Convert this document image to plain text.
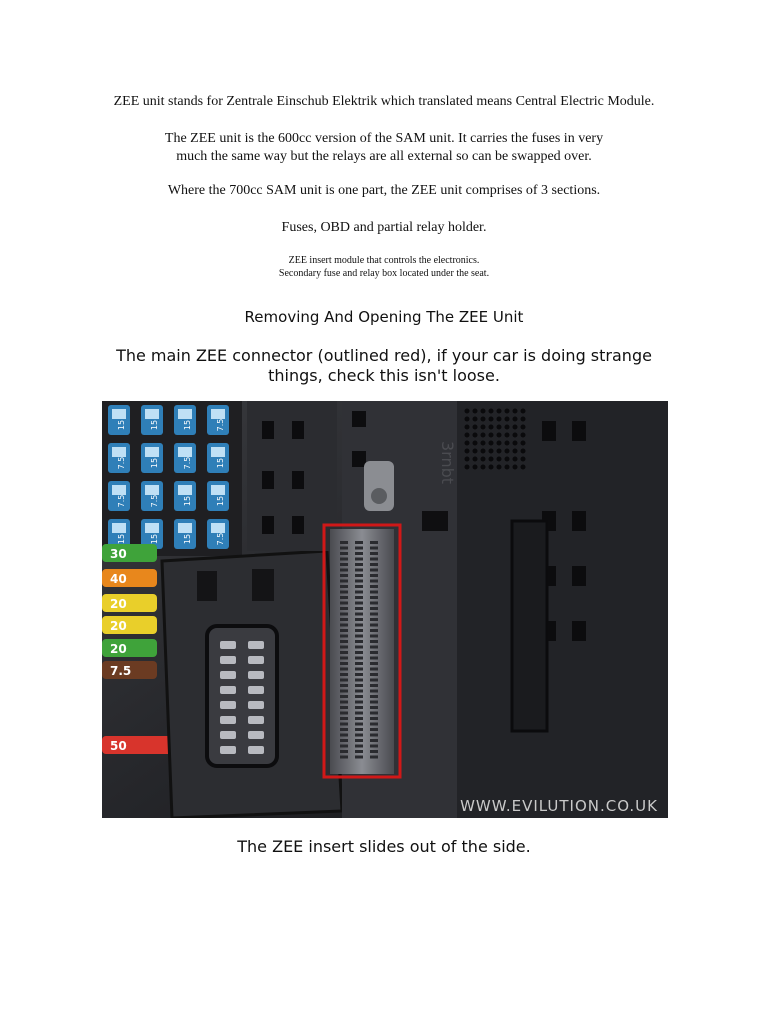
ZEE unit stands for Zentrale Einschub Elektrik which translated means Central Electric Module.

The ZEE unit is the 600cc version of the SAM unit. It carries the fuses in very

much the same way but the relays are all external so can be swapped over.

Where the 700cc SAM unit is one part, the ZEE unit comprises of 3 sections.

Fuses, OBD and partial relay holder.

ZEE insert module that controls the electronics.

Secondary fuse and relay box located under the seat.

Removing And Opening The ZEE Unit

The main ZEE connector (outlined red), if your car is doing strange

things, check this isn't loose.

15	15	15	7.5
7.5	15	7.5	15
7.5	7.5	15	15
15	15	15	7.5
30
40
20
20
20
7.5
50
3rnbt
WWW.EVILUTION.CO.UK

The ZEE insert slides out of the side.
